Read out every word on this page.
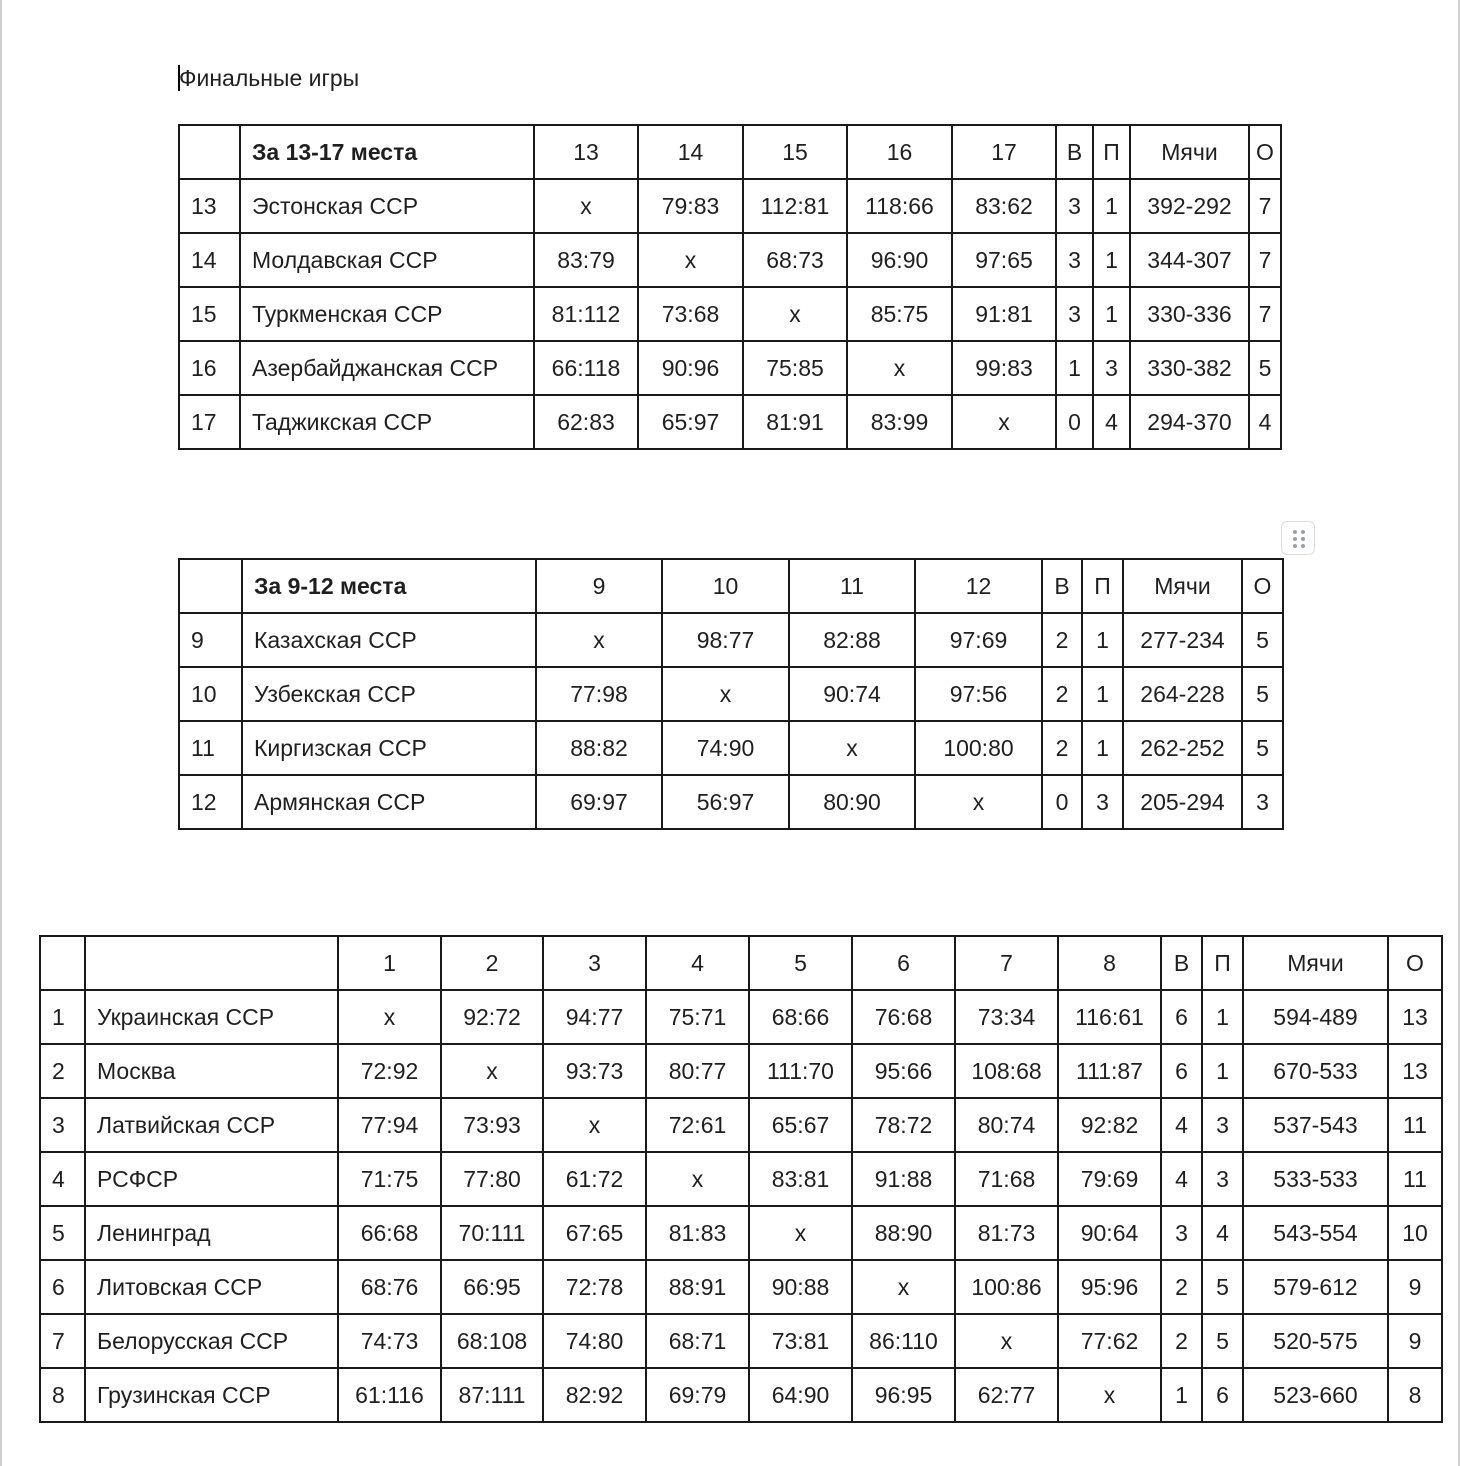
Финальные игры
	За 13-17 места	13	14	15	16	17	В	П	Мячи	О
13	Эстонская ССР	х	79:83	112:81	118:66	83:62	3	1	392-292	7
14	Молдавская ССР	83:79	х	68:73	96:90	97:65	3	1	344-307	7
15	Туркменская ССР	81:112	73:68	х	85:75	91:81	3	1	330-336	7
16	Азербайджанская ССР	66:118	90:96	75:85	х	99:83	1	3	330-382	5
17	Таджикская ССР	62:83	65:97	81:91	83:99	х	0	4	294-370	4
	За 9-12 места	9	10	11	12	В	П	Мячи	О
9	Казахская ССР	х	98:77	82:88	97:69	2	1	277-234	5
10	Узбекская ССР	77:98	х	90:74	97:56	2	1	264-228	5
11	Киргизская ССР	88:82	74:90	х	100:80	2	1	262-252	5
12	Армянская ССР	69:97	56:97	80:90	х	0	3	205-294	3
		1	2	3	4	5	6	7	8	В	П	Мячи	О
1	Украинская ССР	х	92:72	94:77	75:71	68:66	76:68	73:34	116:61	6	1	594-489	13
2	Москва	72:92	х	93:73	80:77	111:70	95:66	108:68	111:87	6	1	670-533	13
3	Латвийская ССР	77:94	73:93	х	72:61	65:67	78:72	80:74	92:82	4	3	537-543	11
4	РСФСР	71:75	77:80	61:72	х	83:81	91:88	71:68	79:69	4	3	533-533	11
5	Ленинград	66:68	70:111	67:65	81:83	х	88:90	81:73	90:64	3	4	543-554	10
6	Литовская ССР	68:76	66:95	72:78	88:91	90:88	х	100:86	95:96	2	5	579-612	9
7	Белорусская ССР	74:73	68:108	74:80	68:71	73:81	86:110	х	77:62	2	5	520-575	9
8	Грузинская ССР	61:116	87:111	82:92	69:79	64:90	96:95	62:77	х	1	6	523-660	8
